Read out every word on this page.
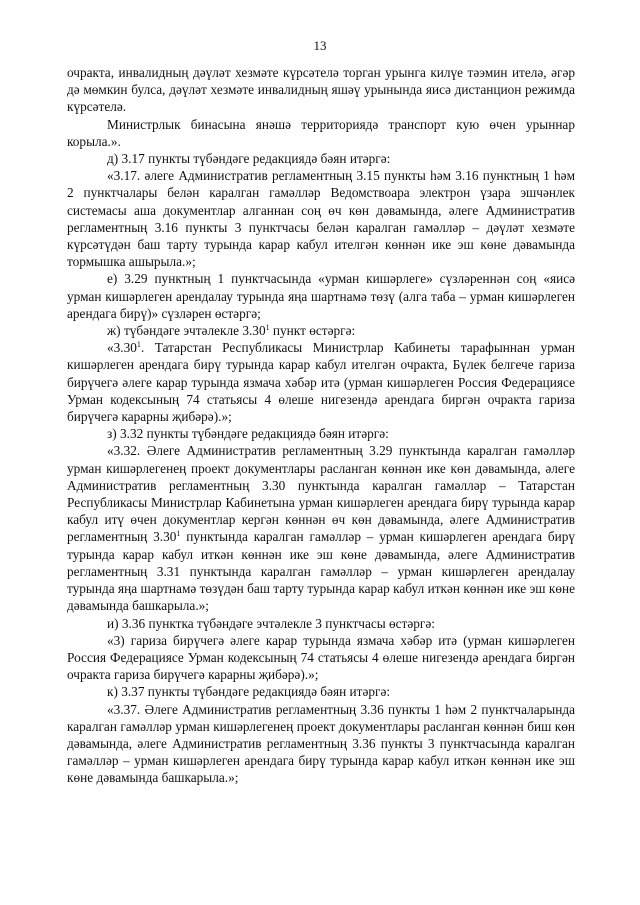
13

очракта, инвалидның дәүләт хезмәте күрсәтелә торган урынга килүе тәэмин ителә, әгәр дә мөмкин булса, дәүләт хезмәте инвалидның яшәү урынында яисә дистанцион режимда күрсәтелә.

Министрлык бинасына янәшә территориядә транспорт кую өчен урыннар корыла.».

д) 3.17 пункты түбәндәге редакциядә бәян итәргә:

«3.17. әлеге Административ регламентның 3.15 пункты һәм 3.16 пунктның 1 һәм 2 пунктчалары белән каралган гамәлләр Ведомствоара электрон үзара эшчәнлек системасы аша документлар алганнан соң өч көн дәвамында, әлеге Административ регламентның 3.16 пункты 3 пунктчасы белән каралган гамәлләр – дәүләт хезмәте күрсәтүдән баш тарту турында карар кабул ителгән көннән ике эш көне дәвамында тормышка ашырыла.»;

е) 3.29 пунктның 1 пунктчасында «урман кишәрлеге» сүзләреннән соң «яисә урман кишәрлеген арендалау турында яңа шартнамә төзү (алга таба – урман кишәрлеген арендага бирү)» сүзләрен өстәргә;

ж) түбәндәге эчтәлекле 3.30$^1$ пункт өстәргә:

«3.30$^1$. Татарстан Республикасы Министрлар Кабинеты тарафыннан урман кишәрлеген арендага бирү турында карар кабул ителгән очракта, Бүлек белгече гариза бирүчегә әлеге карар турында язмача хәбәр итә (урман кишәрлеген Россия Федерациясе Урман кодексының 74 статьясы 4 өлеше нигезендә арендага биргән очракта гариза бирүчегә карарны җибәрә).»;

з) 3.32 пункты түбәндәге редакциядә бәян итәргә:

«3.32. Әлеге Административ регламентның 3.29 пунктында каралган гамәлләр урман кишәрлегенең проект документлары расланган көннән ике көн дәвамында, әлеге Административ регламентның 3.30 пунктында каралган гамәлләр – Татарстан Республикасы Министрлар Кабинетына урман кишәрлеген арендага бирү турында карар кабул итү өчен документлар кергән көннән өч көн дәвамында, әлеге Административ регламентның 3.30$^1$ пунктында каралган гамәлләр – урман кишәрлеген арендага бирү турында карар кабул иткән көннән ике эш көне дәвамында, әлеге Административ регламентның 3.31 пунктында каралган гамәлләр – урман кишәрлеген арендалау турында яңа шартнамә төзүдән баш тарту турында карар кабул иткән көннән ике эш көне дәвамында башкарыла.»;

и) 3.36 пунктка түбәндәге эчтәлекле 3 пунктчасы өстәргә:

«3) гариза бирүчегә әлеге карар турында язмача хәбәр итә (урман кишәрлеген Россия Федерациясе Урман кодексының 74 статьясы 4 өлеше нигезендә арендага биргән очракта гариза бирүчегә карарны җибәрә).»;

к) 3.37 пункты түбәндәге редакциядә бәян итәргә:

«3.37. Әлеге Административ регламентның 3.36 пункты 1 һәм 2 пунктчаларында каралган гамәлләр урман кишәрлегенең проект документлары расланган көннән биш көн дәвамында, әлеге Административ регламентның 3.36 пункты 3 пунктчасында каралган гамәлләр – урман кишәрлеген арендага бирү турында карар кабул иткән көннән ике эш көне дәвамында башкарыла.»;
